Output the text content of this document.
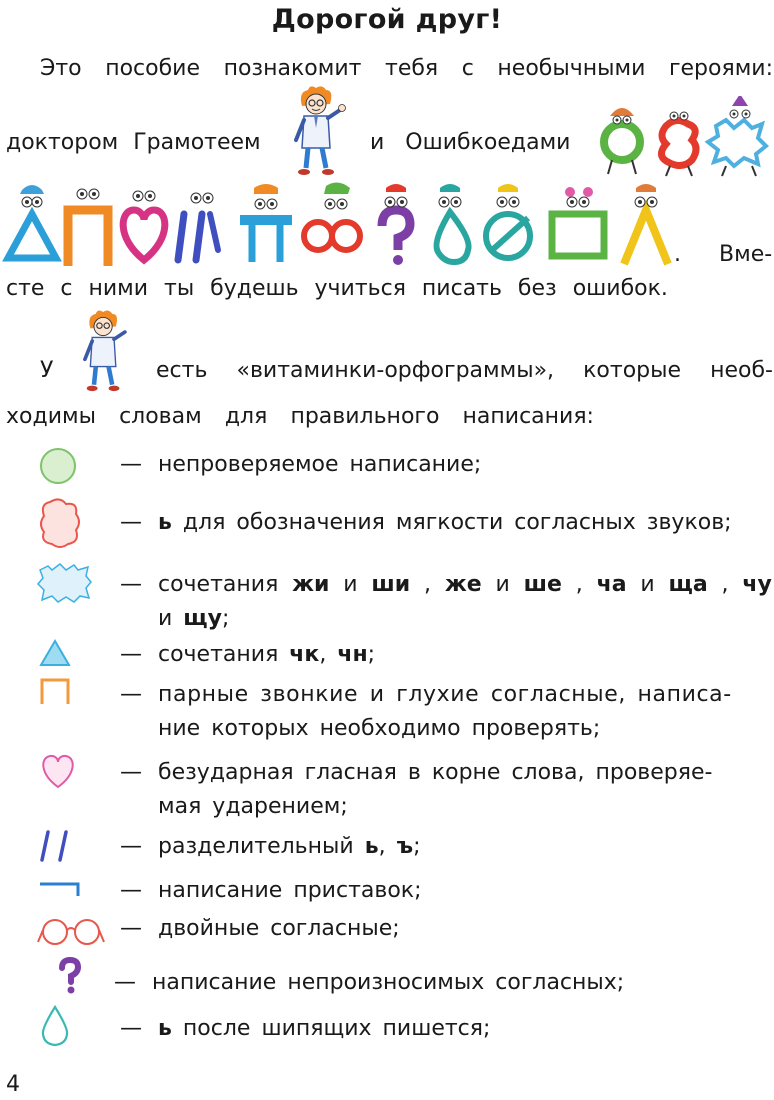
Дорогой друг!
Это пособие познакомит тебя с необычными героями:
доктором Грамотеем	и Ошибкоедами
. Вме-
сте с ними ты будешь учиться писать без ошибок.
У	есть «витаминки-орфограммы», которые необ-
ходимы словам для правильного написания:
— непроверяемое написание;
— ь для обозначения мягкости согласных звуков;
— сочетания жи и ши , же и ше , ча и ща , чу
и щу;
— сочетания чк, чн;
— парные звонкие и глухие согласные, написа-
ние которых необходимо проверять;
— безударная гласная в корне слова, проверяе-
мая ударением;
— разделительный ь, ъ;
— написание приставок;
— двойные согласные;
— написание непроизносимых согласных;
— ь после шипящих пишется;
4
